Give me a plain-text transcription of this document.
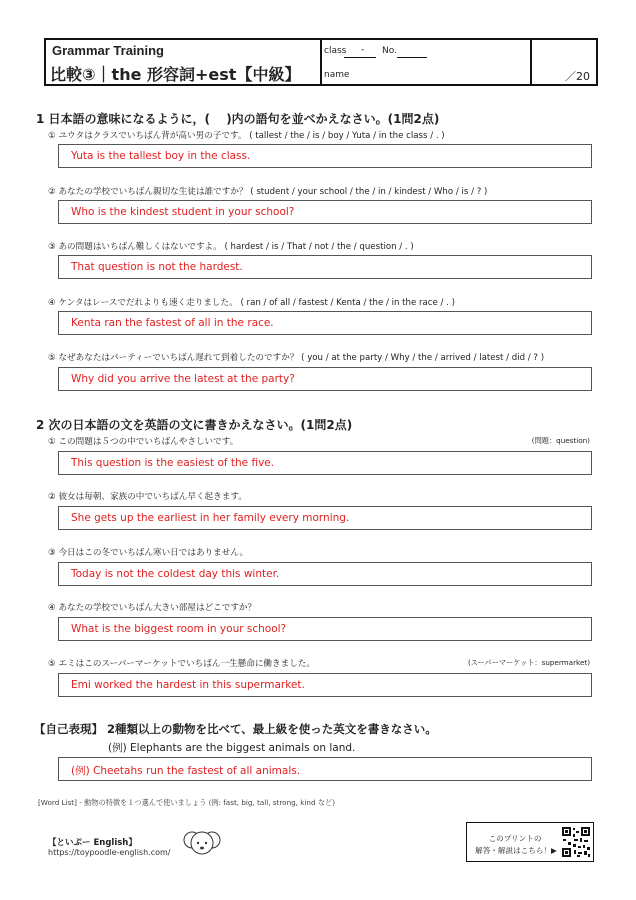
Grammar Training
比較③｜the 形容詞+est【中級】
class - No.
name	／20
1 日本語の意味になるように，(　 )内の語句を並べかえなさい。(1問2点)
① ユウタはクラスでいちばん背が高い男の子です。 ( tallest / the / is / boy / Yuta / in the class / . )
Yuta is the tallest boy in the class.
② あなたの学校でいちばん親切な生徒は誰ですか？ ( student / your school / the / in / kindest / Who / is / ? )
Who is the kindest student in your school?
③ あの問題はいちばん難しくはないですよ。 ( hardest / is / That / not / the / question / . )
That question is not the hardest.
④ ケンタはレースでだれよりも速く走りました。 ( ran / of all / fastest / Kenta / the / in the race / . )
Kenta ran the fastest of all in the race.
⑤ なぜあなたはパーティーでいちばん遅れて到着したのですか？ ( you / at the party / Why / the / arrived / latest / did / ? )
Why did you arrive the latest at the party?
2 次の日本語の文を英語の文に書きかえなさい。(1問2点)
① この問題は５つの中でいちばんやさしいです。	(問題：question)
This question is the easiest of the five.
② 彼女は毎朝、家族の中でいちばん早く起きます。
She gets up the earliest in her family every morning.
③ 今日はこの冬でいちばん寒い日ではありません。
Today is not the coldest day this winter.
④ あなたの学校でいちばん大きい部屋はどこですか？
What is the biggest room in your school?
⑤ エミはこのスーパーマーケットでいちばん一生懸命に働きました。	(スーパーマーケット：supermarket)
Emi worked the hardest in this supermarket.
【自己表現】 2種類以上の動物を比べて、最上級を使った英文を書きなさい。
(例) Elephants are the biggest animals on land.
(例) Cheetahs run the fastest of all animals.
[Word List] - 動物の特徴を１つ選んで使いましょう (例: fast, big, tall, strong, kind など)
【といぷー English】
https://toypoodle-english.com/
このプリントの
解答・解説はこちら！▶
